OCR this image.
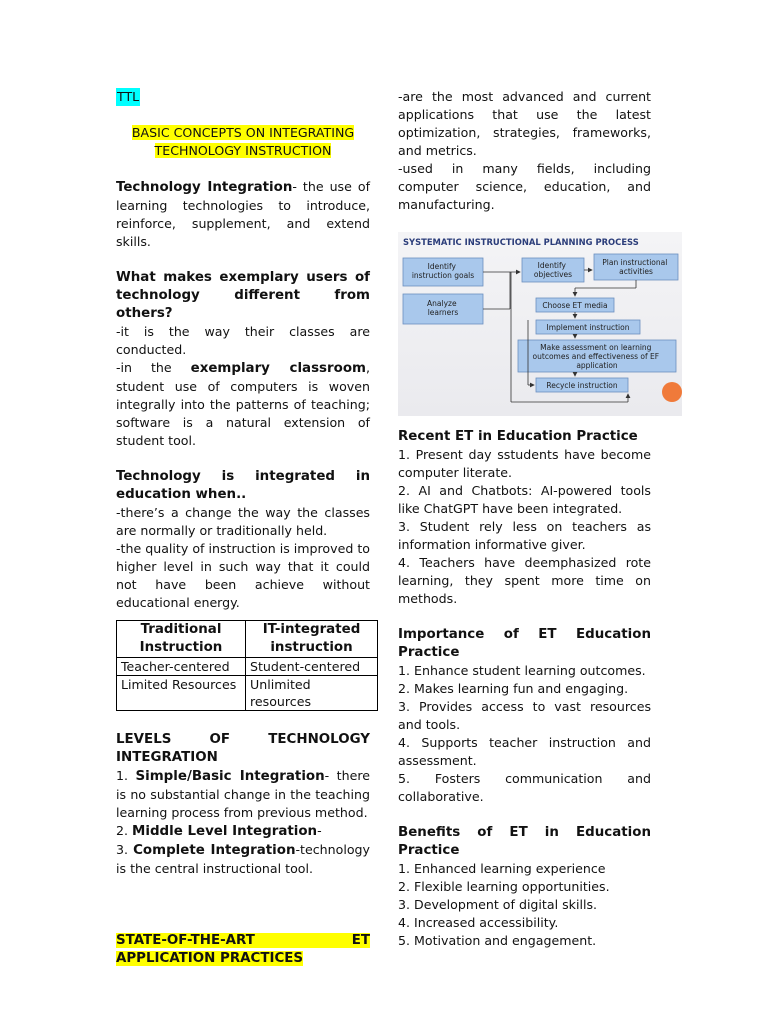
TTL

BASIC CONCEPTS ON INTEGRATING

TECHNOLOGY INSTRUCTION

Technology Integration- the use of learning technologies to introduce, reinforce, supplement, and extend skills.

What makes exemplary users of technology different from others?

-it is the way their classes are conducted.

-in the exemplary classroom, student use of computers is woven integrally into the patterns of teaching; software is a natural extension of student tool.

Technology is integrated in education when..

-there’s a change the way the classes are normally or traditionally held.

-the quality of instruction is improved to higher level in such way that it could not have been achieve without educational energy.

Traditional Instruction	IT-integrated instruction
Teacher-centered	Student-centered
Limited Resources	Unlimited resources

LEVELS OF TECHNOLOGY INTEGRATION

1. Simple/Basic Integration- there is no substantial change in the teaching learning process from previous method.

2. Middle Level Integration-

3. Complete Integration-technology is the central instructional tool.

STATE-OF-THE-ART ET APPLICATION PRACTICES

-are the most advanced and current applications that use the latest optimization, strategies, frameworks, and metrics.

-used in many fields, including computer science, education, and manufacturing.

SYSTEMATIC INSTRUCTIONAL PLANNING PROCESS
Identify instruction goals
Identify objectives
Plan instructional activities
Analyze learners
Choose ET media
Implement instruction
Make assessment on learning outcomes and effectiveness of EF application
Recycle instruction

Recent ET in Education Practice

1. Present day sstudents have become computer literate.

2. AI and Chatbots: AI-powered tools like ChatGPT have been integrated.

3. Student rely less on teachers as information informative giver.

4. Teachers have deemphasized rote learning, they spent more time on methods.

Importance of ET Education Practice

1. Enhance student learning outcomes.

2. Makes learning fun and engaging.

3. Provides access to vast resources and tools.

4. Supports teacher instruction and assessment.

5. Fosters communication and collaborative.

Benefits of ET in Education Practice

1. Enhanced learning experience

2. Flexible learning opportunities.

3. Development of digital skills.

4. Increased accessibility.

5. Motivation and engagement.
